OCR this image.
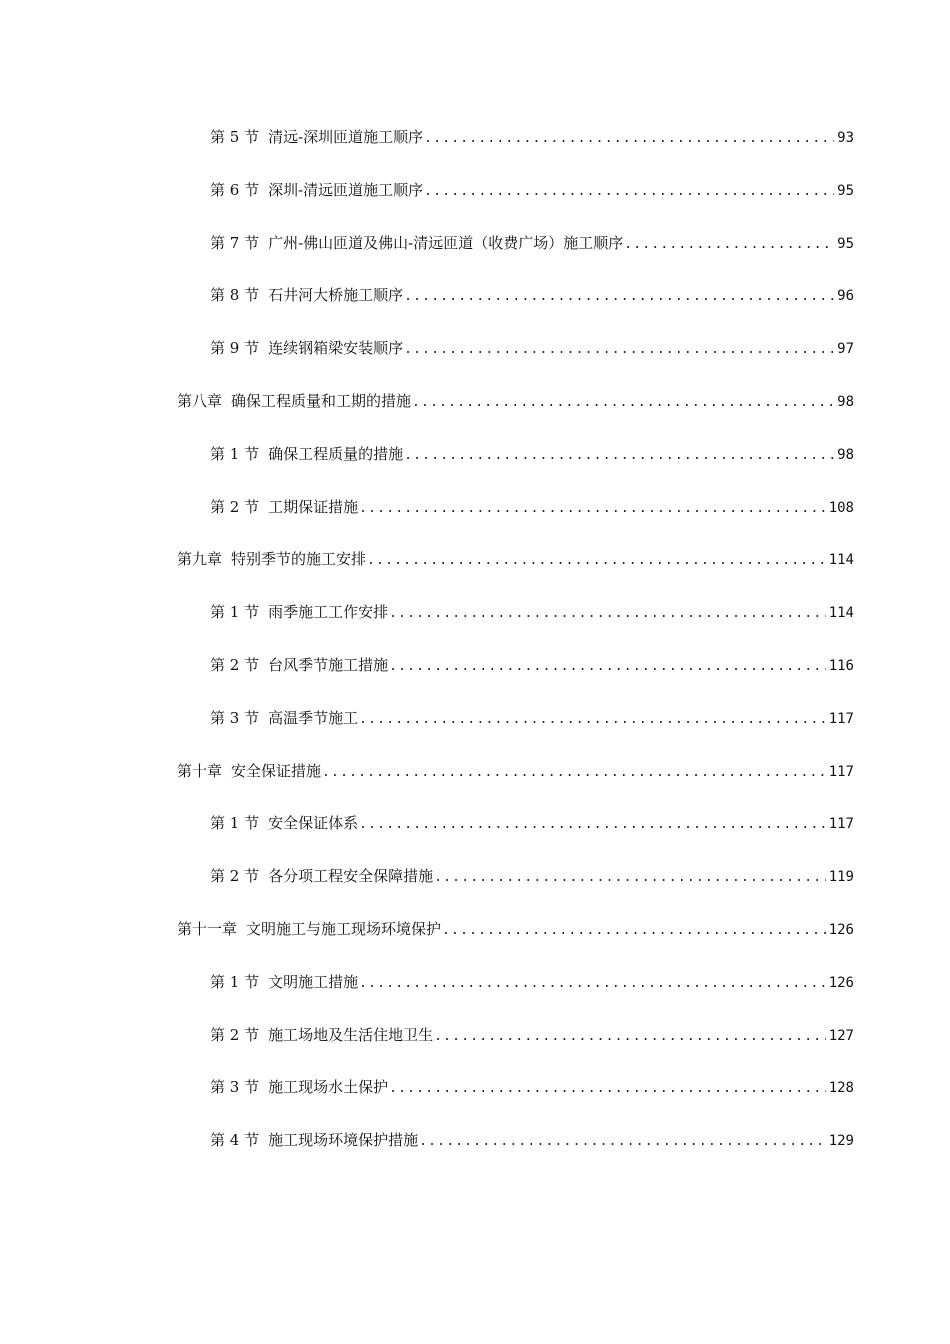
第 5 节 清远-深圳匝道施工顺序 .....	93
第 6 节 深圳-清远匝道施工顺序 .....	95
第 7 节 广州-佛山匝道及佛山-清远匝道（收费广场）施工顺序 .....	95
第 8 节 石井河大桥施工顺序 .....	96
第 9 节 连续钢箱梁安装顺序 .....	97
第八章 确保工程质量和工期的措施 .....	98
第 1 节 确保工程质量的措施 .....	98
第 2 节 工期保证措施 .....	108
第九章 特别季节的施工安排 .....	114
第 1 节 雨季施工工作安排 .....	114
第 2 节 台风季节施工措施 .....	116
第 3 节 高温季节施工 .....	117
第十章 安全保证措施 .....	117
第 1 节 安全保证体系 .....	117
第 2 节 各分项工程安全保障措施 .....	119
第十一章 文明施工与施工现场环境保护 .....	126
第 1 节 文明施工措施 .....	126
第 2 节 施工场地及生活住地卫生 .....	127
第 3 节 施工现场水土保护 .....	128
第 4 节 施工现场环境保护措施 .....	129
